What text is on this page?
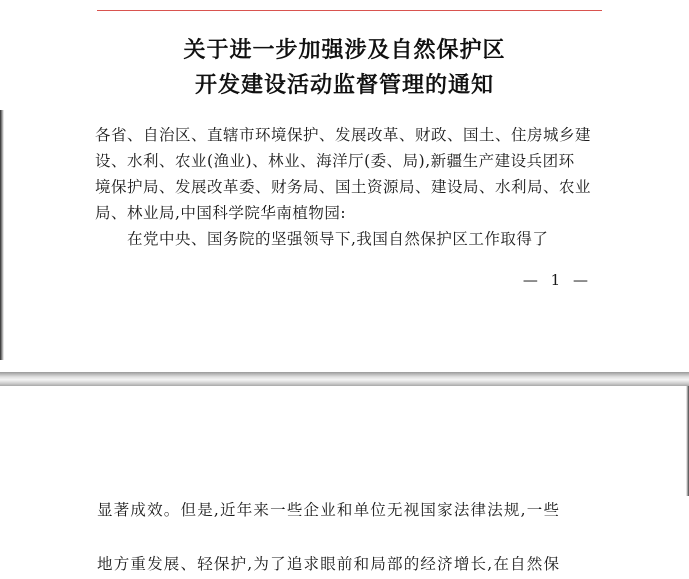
关于进一步加强涉及自然保护区
开发建设活动监督管理的通知
各省、自治区、直辖市环境保护、发展改革、财政、国土、住房城乡建
设、水利、农业(渔业)、林业、海洋厅(委、局),新疆生产建设兵团环
境保护局、发展改革委、财务局、国土资源局、建设局、水利局、农业
局、林业局,中国科学院华南植物园:
在党中央、国务院的坚强领导下,我国自然保护区工作取得了
— 1 —
显著成效。但是,近年来一些企业和单位无视国家法律法规,一些
地方重发展、轻保护,为了追求眼前和局部的经济增长,在自然保
